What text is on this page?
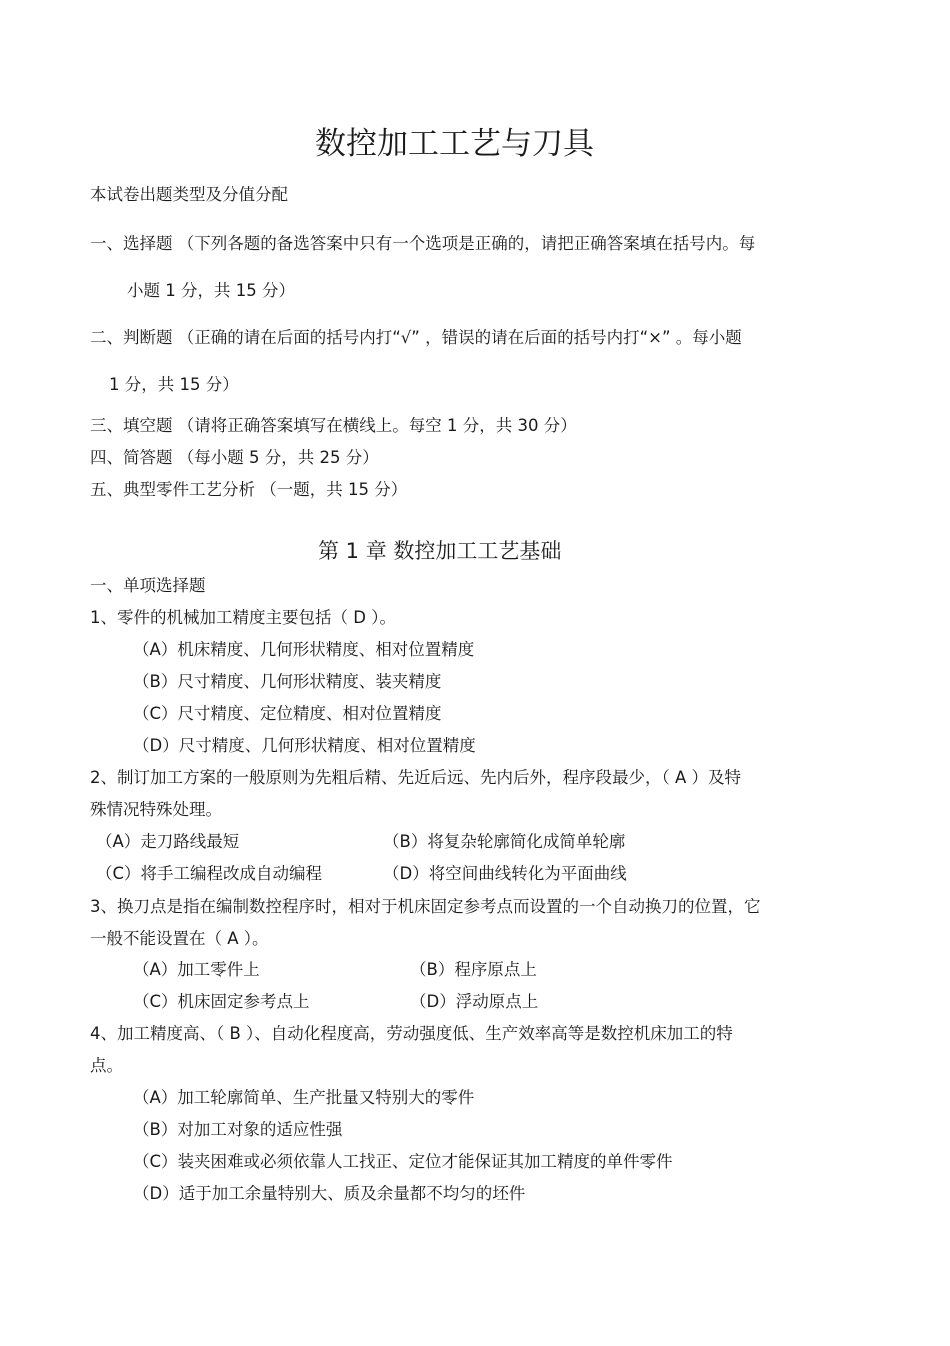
数控加工工艺与刀具
本试卷出题类型及分值分配
一、选择题 （下列各题的备选答案中只有一个选项是正确的，请把正确答案填在括号内。每
小题 1 分，共 15 分）
二、判断题 （正确的请在后面的括号内打“√” ，错误的请在后面的括号内打“×” 。每小题
1 分，共 15 分）
三、填空题 （请将正确答案填写在横线上。每空 1 分，共 30 分）
四、简答题 （每小题 5 分，共 25 分）
五、典型零件工艺分析 （一题，共 15 分）
第 1 章 数控加工工艺基础
一、单项选择题
1、零件的机械加工精度主要包括（ D ）。
（A）机床精度、几何形状精度、相对位置精度
（B）尺寸精度、几何形状精度、装夹精度
（C）尺寸精度、定位精度、相对位置精度
（D）尺寸精度、几何形状精度、相对位置精度
2、制订加工方案的一般原则为先粗后精、先近后远、先内后外，程序段最少，（ A ）及特
殊情况特殊处理。
（A）走刀路线最短	（B）将复杂轮廓简化成简单轮廓
（C）将手工编程改成自动编程	（D）将空间曲线转化为平面曲线
3、换刀点是指在编制数控程序时，相对于机床固定参考点而设置的一个自动换刀的位置，它
一般不能设置在（ A ）。
（A）加工零件上	（B）程序原点上
（C）机床固定参考点上	（D）浮动原点上
4、加工精度高、（ B ）、自动化程度高，劳动强度低、生产效率高等是数控机床加工的特
点。
（A）加工轮廓简单、生产批量又特别大的零件
（B）对加工对象的适应性强
（C）装夹困难或必须依靠人工找正、定位才能保证其加工精度的单件零件
（D）适于加工余量特别大、质及余量都不均匀的坯件
